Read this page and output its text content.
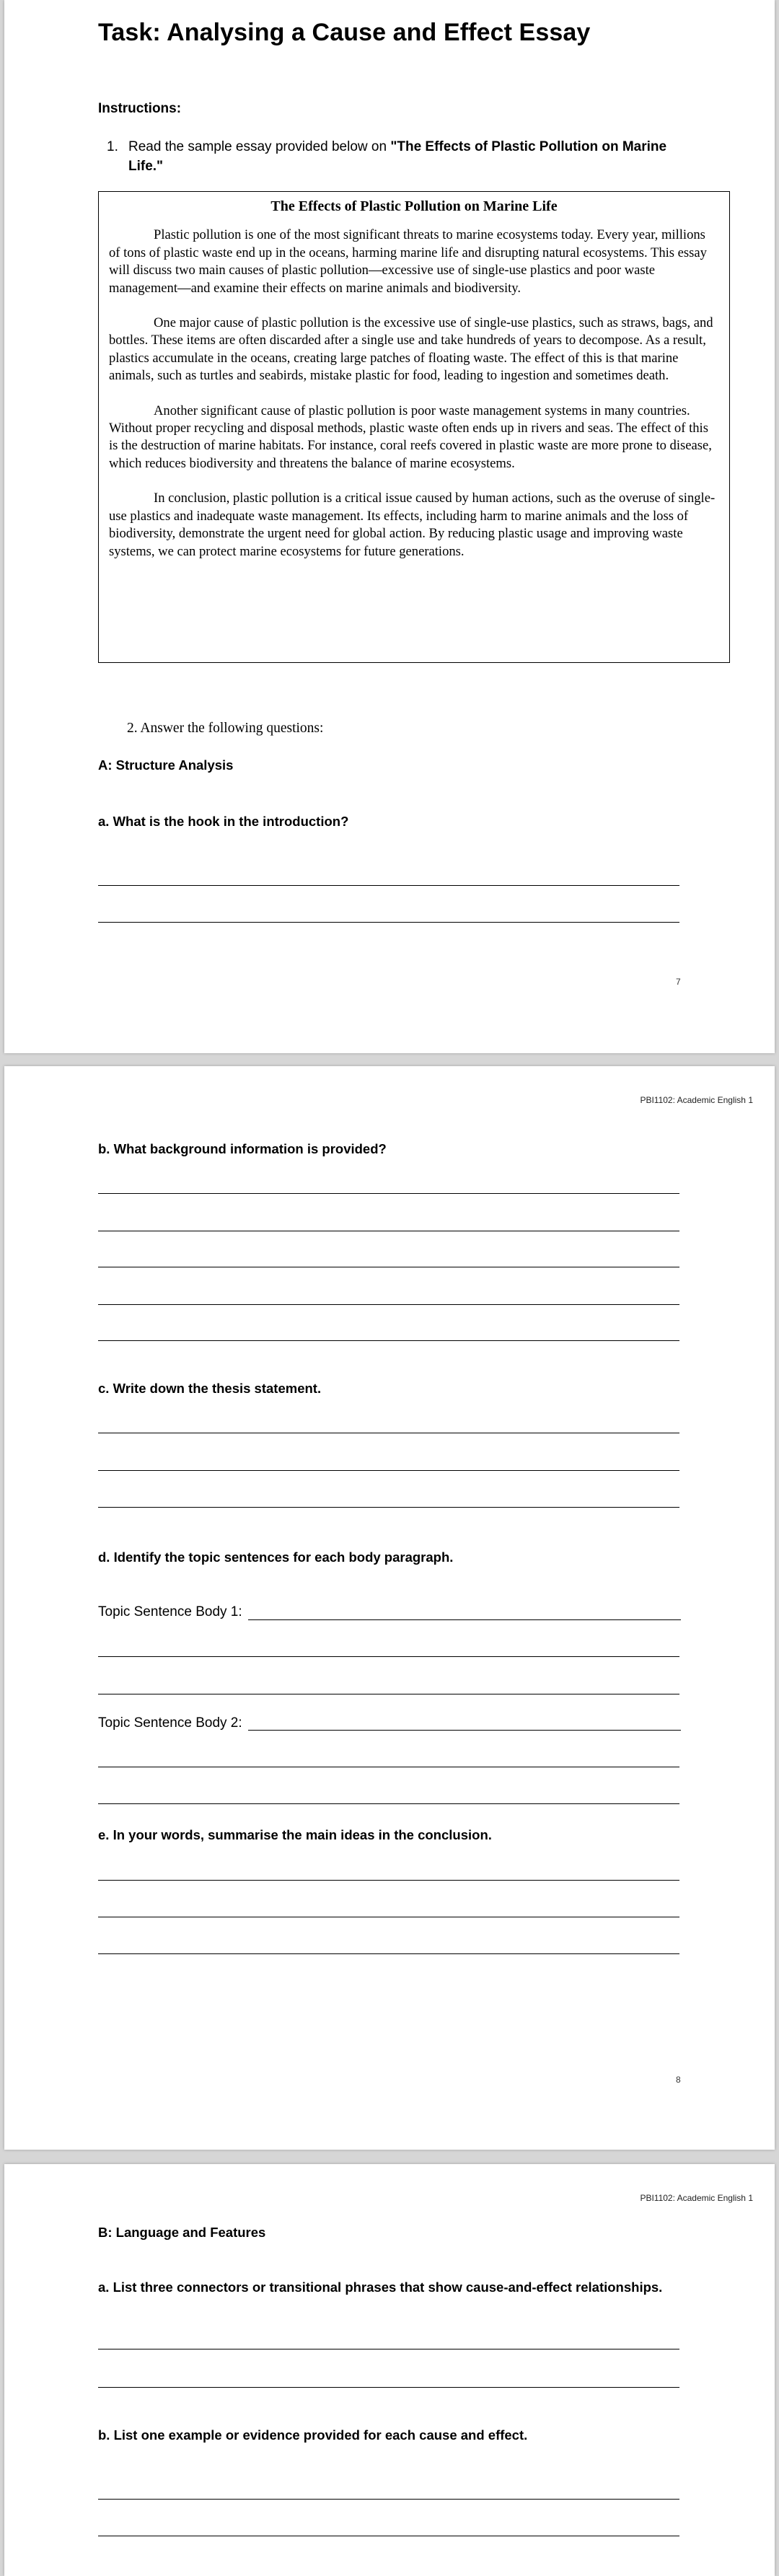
Task: Analysing a Cause and Effect Essay
Instructions:
1. Read the sample essay provided below on "The Effects of Plastic Pollution on Marine Life."
The Effects of Plastic Pollution on Marine Life

Plastic pollution is one of the most significant threats to marine ecosystems today. Every year, millions of tons of plastic waste end up in the oceans, harming marine life and disrupting natural ecosystems. This essay will discuss two main causes of plastic pollution—excessive use of single-use plastics and poor waste management—and examine their effects on marine animals and biodiversity.

One major cause of plastic pollution is the excessive use of single-use plastics, such as straws, bags, and bottles. These items are often discarded after a single use and take hundreds of years to decompose. As a result, plastics accumulate in the oceans, creating large patches of floating waste. The effect of this is that marine animals, such as turtles and seabirds, mistake plastic for food, leading to ingestion and sometimes death.

Another significant cause of plastic pollution is poor waste management systems in many countries. Without proper recycling and disposal methods, plastic waste often ends up in rivers and seas. The effect of this is the destruction of marine habitats. For instance, coral reefs covered in plastic waste are more prone to disease, which reduces biodiversity and threatens the balance of marine ecosystems.

In conclusion, plastic pollution is a critical issue caused by human actions, such as the overuse of single-use plastics and inadequate waste management. Its effects, including harm to marine animals and the loss of biodiversity, demonstrate the urgent need for global action. By reducing plastic usage and improving waste systems, we can protect marine ecosystems for future generations.

2. Answer the following questions:
A: Structure Analysis
a. What is the hook in the introduction?
7
PBI1102: Academic English 1
b. What background information is provided?
c. Write down the thesis statement.
d. Identify the topic sentences for each body paragraph.
Topic Sentence Body 1:
Topic Sentence Body 2:
e. In your words, summarise the main ideas in the conclusion.
8
PBI1102: Academic English 1
B: Language and Features
a. List three connectors or transitional phrases that show cause-and-effect relationships.
b. List one example or evidence provided for each cause and effect.
